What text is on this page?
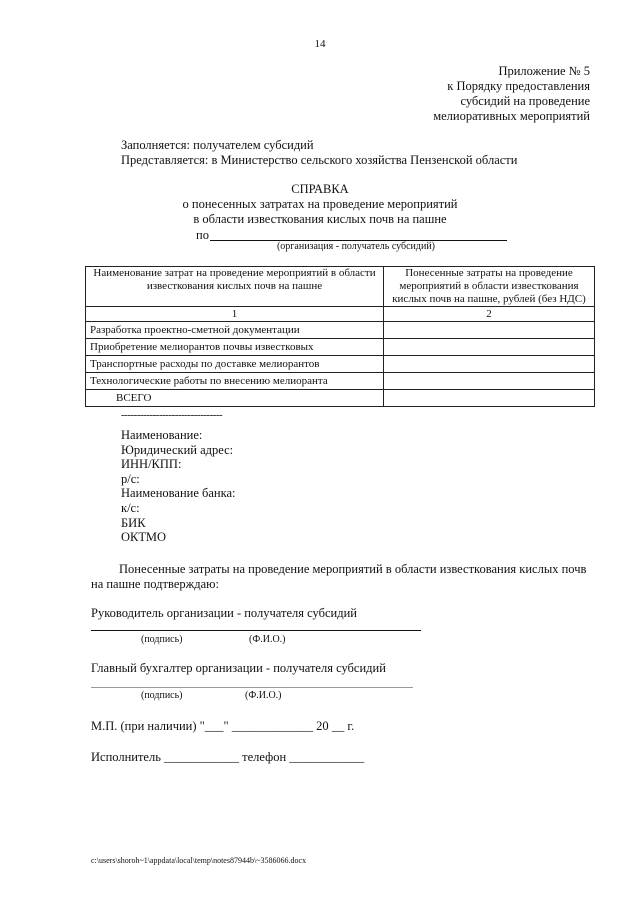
14
Приложение № 5
к Порядку предоставления
субсидий на проведение
мелиоративных мероприятий
Заполняется: получателем субсидий
Представляется: в Министерство сельского хозяйства Пензенской области
СПРАВКА
о понесенных затратах на проведение мероприятий
в области известкования кислых почв на пашне
по
(организация - получатель субсидий)
Наименование затрат на проведение мероприятий в области известкования кислых почв на пашне	Понесенные затраты на проведение мероприятий в области известкования кислых почв на пашне, рублей (без НДС)
1	2
Разработка проектно-сметной документации	
Приобретение мелиорантов почвы известковых	
Транспортные расходы по доставке мелиорантов	
Технологические работы по внесению мелиоранта	
ВСЕГО	
--------------------------------
Наименование:
Юридический адрес:
ИНН/КПП:
р/с:
Наименование банка:
к/с:
БИК
ОКТМО
Понесенные затраты на проведение мероприятий в области известкования кислых почв на пашне подтверждаю:
Руководитель организации - получателя субсидий
(подпись)	(Ф.И.О.)
Главный бухгалтер организации - получателя субсидий
(подпись)	(Ф.И.О.)
М.П. (при наличии) "___" _____________ 20 __ г.
Исполнитель ____________ телефон ____________
c:\users\shoroh~1\appdata\local\temp\notes87944b\~3586066.docx
